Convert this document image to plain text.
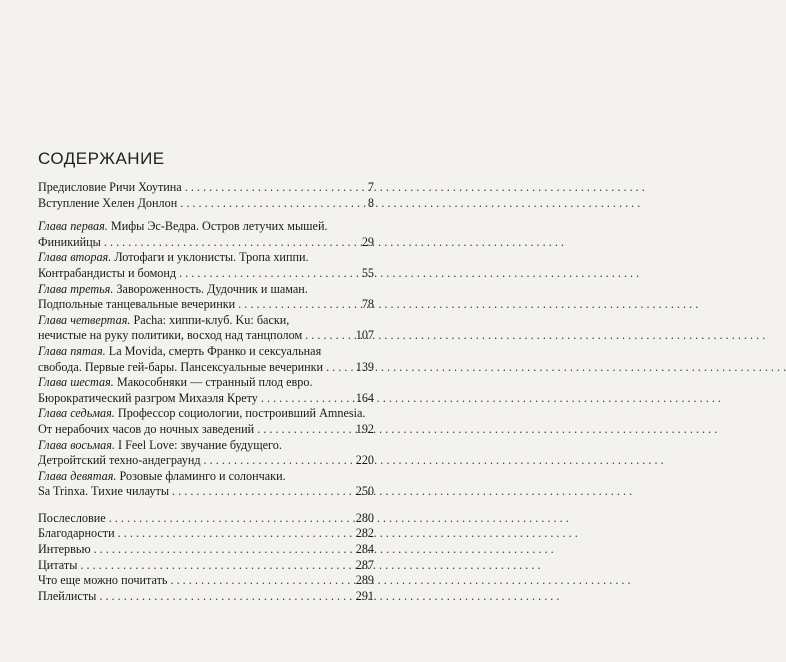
СОДЕРЖАНИЕ
Предисловие Ричи Хоутина . . .	7
Вступление Хелен Донлон . . .	8
Глава первая. Мифы Эс-Ведра. Остров летучих мышей.
Финикийцы . . .	29
Глава вторая. Лотофаги и уклонисты. Тропа хиппи.
Контрабандисты и бомонд . . .	55
Глава третья. Завороженность. Дудочник и шаман.
Подпольные танцевальные вечеринки . . .	78
Глава четвертая. Pacha: хиппи-клуб. Ku: баски,
нечистые на руку политики, восход над танцполом . . .	107
Глава пятая. La Movida, смерть Франко и сексуальная
свобода. Первые гей-бары. Пансексуальные вечеринки . . .	139
Глава шестая. Макособняки — странный плод евро.
Бюрократический разгром Михаэля Крету . . .	164
Глава седьмая. Профессор социологии, построивший Amnesia.
От нерабочих часов до ночных заведений . . .	192
Глава восьмая. I Feel Love: звучание будущего.
Детройтский техно-андеграунд . . .	220
Глава девятая. Розовые фламинго и солончаки.
Sa Trinxa. Тихие чилауты . . .	250
Послесловие . . .	280
Благодарности . . .	282
Интервью . . .	284
Цитаты . . .	287
Что еще можно почитать . . .	289
Плейлисты . . .	291
